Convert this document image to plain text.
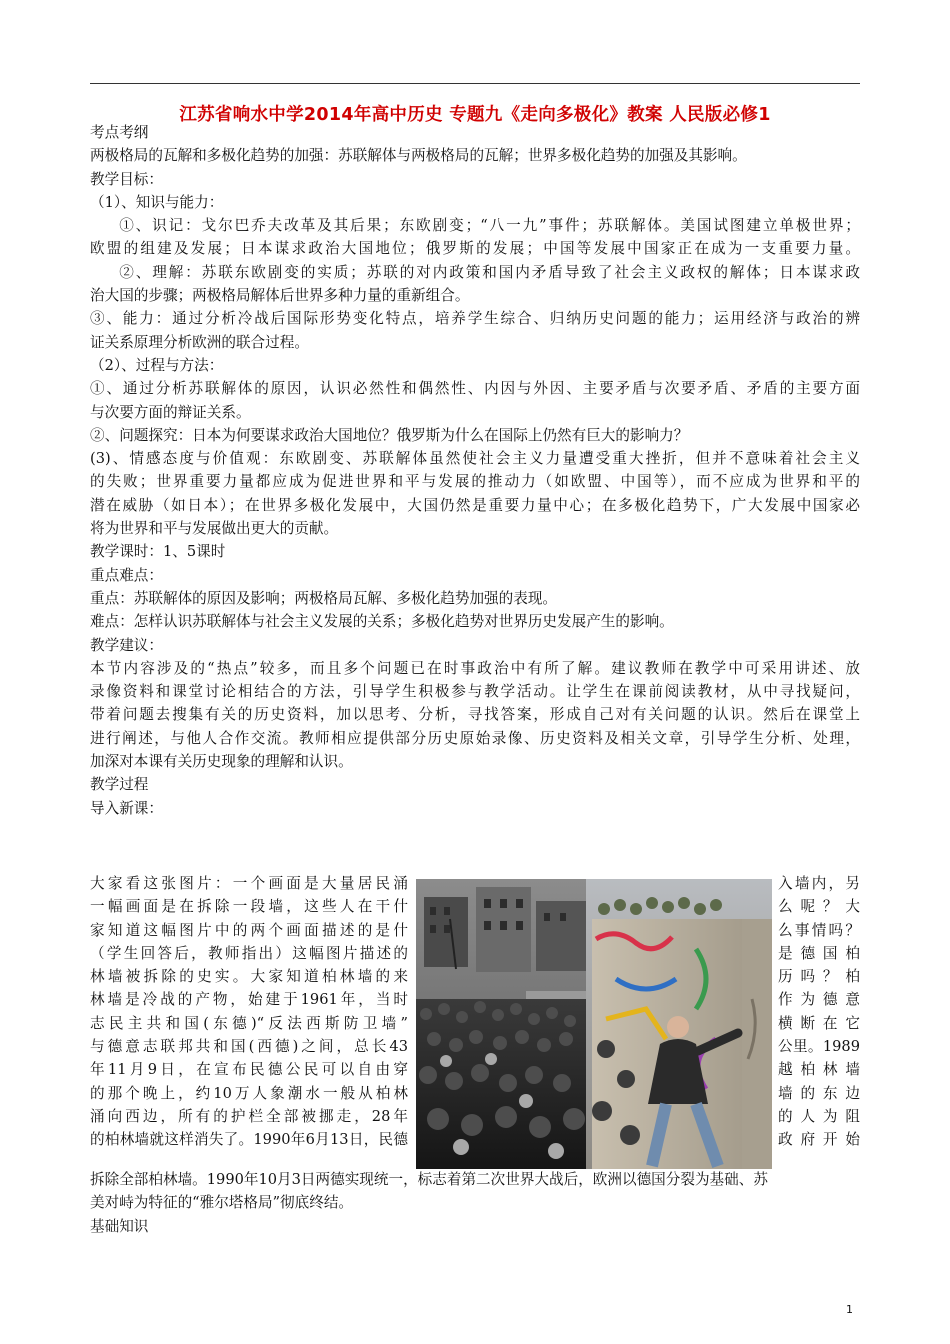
江苏省响水中学2014年高中历史 专题九《走向多极化》教案 人民版必修1

考点考纲

两极格局的瓦解和多极化趋势的加强：苏联解体与两极格局的瓦解；世界多极化趋势的加强及其影响。

教学目标：

（1）、知识与能力：

①、识记：戈尔巴乔夫改革及其后果；东欧剧变；“八一九”事件；苏联解体。美国试图建立单极世界；

欧盟的组建及发展；日本谋求政治大国地位；俄罗斯的发展；中国等发展中国家正在成为一支重要力量。

②、理解：苏联东欧剧变的实质；苏联的对内政策和国内矛盾导致了社会主义政权的解体；日本谋求政

治大国的步骤；两极格局解体后世界多种力量的重新组合。

③、能力：通过分析冷战后国际形势变化特点，培养学生综合、归纳历史问题的能力；运用经济与政治的辨

证关系原理分析欧洲的联合过程。

（2）、过程与方法：

①、通过分析苏联解体的原因，认识必然性和偶然性、内因与外因、主要矛盾与次要矛盾、矛盾的主要方面

与次要方面的辩证关系。

②、问题探究：日本为何要谋求政治大国地位？俄罗斯为什么在国际上仍然有巨大的影响力？

(3)、情感态度与价值观：东欧剧变、苏联解体虽然使社会主义力量遭受重大挫折，但并不意味着社会主义

的失败；世界重要力量都应成为促进世界和平与发展的推动力（如欧盟、中国等），而不应成为世界和平的

潜在威胁（如日本）；在世界多极化发展中，大国仍然是重要力量中心；在多极化趋势下，广大发展中国家必

将为世界和平与发展做出更大的贡献。

教学课时：1、5课时

重点难点：

重点：苏联解体的原因及影响；两极格局瓦解、多极化趋势加强的表现。

难点：怎样认识苏联解体与社会主义发展的关系；多极化趋势对世界历史发展产生的影响。

教学建议：

本节内容涉及的“热点”较多，而且多个问题已在时事政治中有所了解。建议教师在教学中可采用讲述、放

录像资料和课堂讨论相结合的方法，引导学生积极参与教学活动。让学生在课前阅读教材，从中寻找疑问，

带着问题去搜集有关的历史资料，加以思考、分析，寻找答案，形成自己对有关问题的认识。然后在课堂上

进行阐述，与他人合作交流。教师相应提供部分历史原始录像、历史资料及相关文章，引导学生分析、处理，

加深对本课有关历史现象的理解和认识。

教学过程

导入新课：

大家看这张图片：一个画面是大量居民涌

一幅画面是在拆除一段墙，这些人在干什

家知道这幅图片中的两个画面描述的是什

（学生回答后，教师指出）这幅图片描述的

林墙被拆除的史实。大家知道柏林墙的来

林墙是冷战的产物，始建于1961年，当时

志民主共和国(东德)“反法西斯防卫墙”

与德意志联邦共和国(西德)之间，总长43

年11月9日，在宣布民德公民可以自由穿

的那个晚上，约10万人象潮水一般从柏林

涌向西边，所有的护栏全部被挪走，28年

的柏林墙就这样消失了。1990年6月13日，民德

入墙内，另

么呢？大

么事情吗？

是德国柏

历吗？柏

作为德意

横断在它

公里。1989

越柏林墙

墙的东边

的人为阻

政府开始

拆除全部柏林墙。1990年10月3日两德实现统一，标志着第二次世界大战后，欧洲以德国分裂为基础、苏

美对峙为特征的“雅尔塔格局”彻底终结。

基础知识

1
